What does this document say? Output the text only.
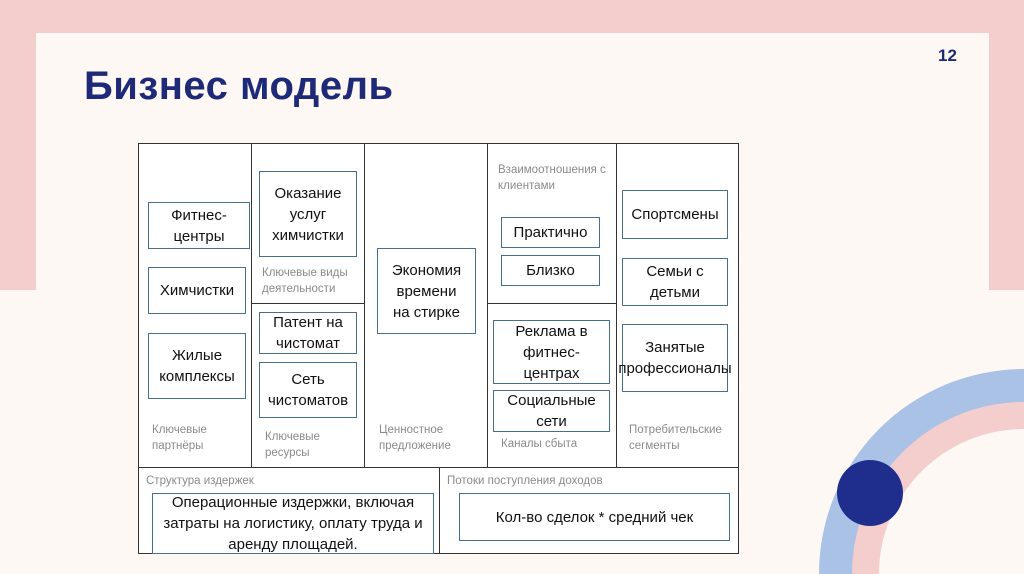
Бизнес модель
12
Фитнес-центры
Химчистки
Жилые комплексы
Ключевые партнёры
Оказание услуг химчистки
Ключевые виды деятельности
Патент на чистомат
Сеть чистоматов
Ключевые ресурсы
Экономия времени на стирке
Ценностное предложение
Взаимоотношения с клиентами
Практично
Близко
Реклама в фитнес-центрах
Социальные сети
Каналы сбыта
Спортсмены
Семьи с детьми
Занятые профессионалы
Потребительские сегменты
Структура издержек
Операционные издержки, включая затраты на логистику, оплату труда и аренду площадей.
Потоки поступления доходов
Кол-во сделок * средний чек
